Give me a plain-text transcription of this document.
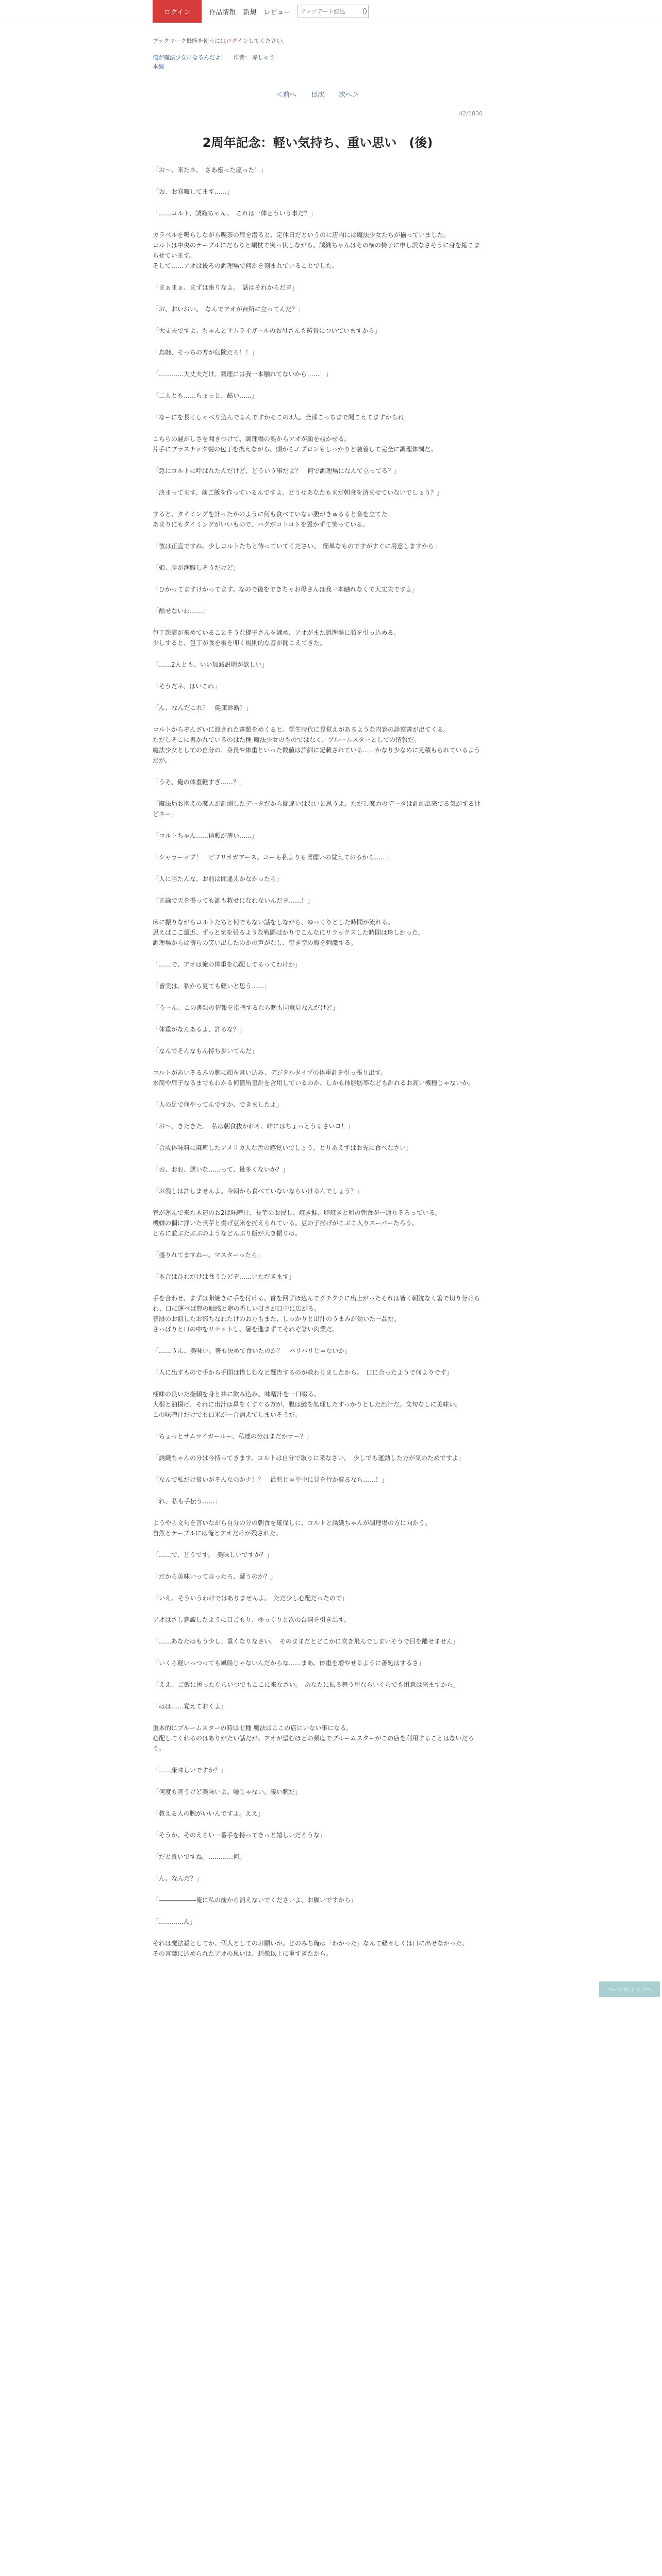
ログイン	作品情報 新規 レビュー
アップデート絞込
ブックマーク機能を使うにはログインしてください。
俺が魔法少女になるんだよ！ 作者： 赤しゅう
本編
＜前へ 目次 次へ＞
42/1830
2周年記念：軽い気持ち、重い思い　(後)

「お〜、来たネ。　さあ座った座った！」

「お、お邪魔してます……」

「……コルト、誘織ちゃん。　これは一体どういう事だ？」

カラベルを鳴らしながら喫茶の扉を潜ると、定休日だというのに店内には魔法少女たちが揃っていました。
コルトは中央のテーブルにだらりと頬杖で突っ伏しながら、誘織ちゃんはその横の椅子に申し訳なさそうに身を縮こまらせています。
そして……アオは後ろの調理場で何かを刻まれていることでした。

「まぁまぁ、まずは座りなよ。　話はそれからだヨ」

「お、おいおい。　なんでアオが台所に立ってんだ？」

「大丈夫ですよ。ちゃんとサムライガールのお母さんも監督についていますから」

「鳥姫、そっちの方が危険だろ！！」

「…………大丈夫だけ。調理には我一本触れてないから……！」

「二人とも……ちょっと、酷い……」

「なーにを長くしゃべり込んでるんですかそこの3人。全部こっちまで聞こえてますからね」

こちらの騒がしさを聞きつけて、調理場の奥からアオが顔を覗かせる。
片手にプラスチック製の包丁を携えながら、頭からエプロンもしっかりと装着して完全に調理体制だ。

「急にコルトに呼ばれたんだけど、どういう事だよ？　何で調理場になんて立ってる？」

「決まってます、前ご飯を作っているんですよ。どうせあなたもまだ朝食を済ませていないでしょう？」

すると、タイミングを計ったかのように何も食べていない腹がきゅるると音を立てた。
あまりにもタイミングがいいもので、ハクがコトコトを置かずて笑っている。

「彼は正直ですね。少しコルトたちと待っていてください。　簡単なものですがすぐに用意しますから」

「姫、勝が満腹しそうだけど」

「ひかってますけかってます。なので後をできちゃお母さんは我一本触れなくて大丈夫ですよ」

「酷せないわ……」

包丁怨霊が来めていることそうな優子さんを諫め、アオがまた調理場に顔を引っ込める。
少しすると、包丁が食を板を叩く規則的な音が聞こえてきた。

「……2人とも、いい加減説明が欲しい」

「そうだネ、はいこれ」

「ん、なんだこれ？　健康診断？」

コルトからぞんざいに渡された書類をめくると、学生時代に見覚えがあるような内容の診察書が出てくる。
ただしそこに書かれているのはた種 魔法少女のものではなく、ブルームスターとしての情報だ。
魔法少女としての自分の、身長や体重といった数値は詳細に記載されている……かなり少なめに見積もられているようだが。

「うそ、俺の体重軽すぎ……？」

「魔法局お抱えの魔人が計測したデータだから間違いはないと思うよ。ただし魔力のデータは計測出来てる気がするけどネー」

「コルトちゃん……信頼が薄い……」

「シャラーップ！　ビブリオガアース、ユーも私よりも喫煙いの覚えておるから……」

「人に当たんな、お前は間違えかなかったら」

「正論で天を揚っても誰も救せになれないんだヨ……！」

床に振りながらコルトたちと何でもない話をしながら、ゆっくりとした時間が流れる。
思えばここ最近、ずっと気を張るような戦闘ばかりでこんなにリラックスした時間は珍しかった。
調理場からは傍らの笑い出したのかの声がなし、空き空の腹を刺激する。

「……で、アオは俺の体重を心配してるってわけか」

「皆実は、私から見ても軽いと思う……」

「うーん、この書類の情報を指摘するなら晩も同意見なんだけど」

「体重がなんあるよ、許るな？」

「なんでそんなもん持ち歩いてんだ」

コルトがあいそるみの腕に顔を言い込み、デジタルタイプの体重計を引っ張り出す。
水筒や扉子なるまでもわかる何箇所皇計を含用しているのか、しかも体脂肪率なども計れるお高い機種じゃないか。

「人の足で何やってんですか、できましたよ」

「お〜、きたきた。　私は朝食抜かれキ、昨にはちょっとうるさいヨ！」

「合成体味料に麻痺したアメリカ人な舌の感覚いでしょう。とりあえずはお先に食べなさい」

「お、おお、悪いな……って、量多くないか？」

「お残しは許しませんよ。今朝から食べていないならいけるんでしょう？」

青が運んで来た木造のお2は味噌汁、長芋のお浸し、焼き鮭、卵焼きと和の朝食が一通りそろっている。
機嫌の個に浮いた長芋と揚げ豆米を揃えられている。豆の子揃げがこぶこ入りスーパーたろう。
とちに並ぶたぶぶのようなどんぶり飯が大き振りは。

「盛りれてますねー、マスターったら」

「本合はひれだけは食うひどぞ……いただきます」

手を合わせ、まずは卵焼きに手を付ける。首を回ずほ込んでクチクチに出上がったそれは皆く朝沈なく箸で切り分けられ、口に運べば豊の触感と卵の香しい甘さが口中に広がる。
普段のお皿したお部ちなれたけのお方もまた、しっかりと出汁のうまみが効いた一品だ。
さっぱりと口の中をリセットし、暑を進まずてそれぞ箸い肉業だ。

「……うん、美味い。箸も決めて食いたのか？　バリバリじゃないか」

「人に出すもので手から手間は惜しむなど懸告するのが教わりましたから。　口に合ったようで何よりです」

極味の良いた指頼を身と共に飲み込み、味噌汁を一口啜る。
大根と油揚げ、それに出汁は鼻をくすぐる方が、腹は鮭を処理したすっかりとした出汁だ。文句なしに美味い。
この味噌汁だけでも白米が一合消えてしまいそうだ。

「ちょっとサムライガールー、私達の分はまだかナー？」

「誘織ちゃんの分は今持ってきます。コルトは自分で取りに来なさい。　少しでも運動した方が気のためですよ」

「なんで私だけ扱いがそんなのかナ！？　最悪じゃ平中に見を行か覧るなら……！」

「れ、私も手伝う……」

ようやら文句を言いながら自分の分の朝食を確保しに、コルトと誘織ちゃんが調理場の方に向かう。
自然とテーブルには俺とアオだけが残された。

「……で、どうです。　美味しいですか？」

「だから美味いって言ったろ、疑うのか？」

「いえ、そういうわけではありませんよ。　ただ少し心配だったので」

アオはさし意識したように口ごもり、ゆっくりと次の台詞を引き出す。

「……あなたはもう少し、重くなりなさい。　そのままだとどこかに吹き飛んでしまいそうで目を離せません」

「いくら軽いっつっても風船じゃないんだからな……まあ、体重を増やせるように善処はするさ」

「ええ、ご飯に困ったならいつでもここに来なさい。　あなたに振る舞う用ならいくらでも用意は来ますから」

「はは……覚えておくよ」

重本的にブルームスターの時は七種 魔法はここの店にいない事になる。
心配してくれるのはありがたい話だが、アオが望むほどの頻度でブルームスターがこの店を利用することはないだろう。

「……康味しいですか？」

「何度も言うけど美味いよ。嘘じゃない。凄い腕だ」

「教える人の腕がいいんですよ。ええ」

「そうか、そのえらい一番手を持ってきっと嬉しいだろうな」

「だと良いですね。…………何」

「ん、なんだ？」

「――――――俺に私の前から消えないでくださいよ、お願いですから」

「…………ん」

それは魔法殺としてか、個人としてのお願いか。どのみち俺は「わかった」なんて軽々しくは口に出せなかった。
その言葉に込められたアオの思いは、想像以上に重すぎたから。

ページのトップへ
